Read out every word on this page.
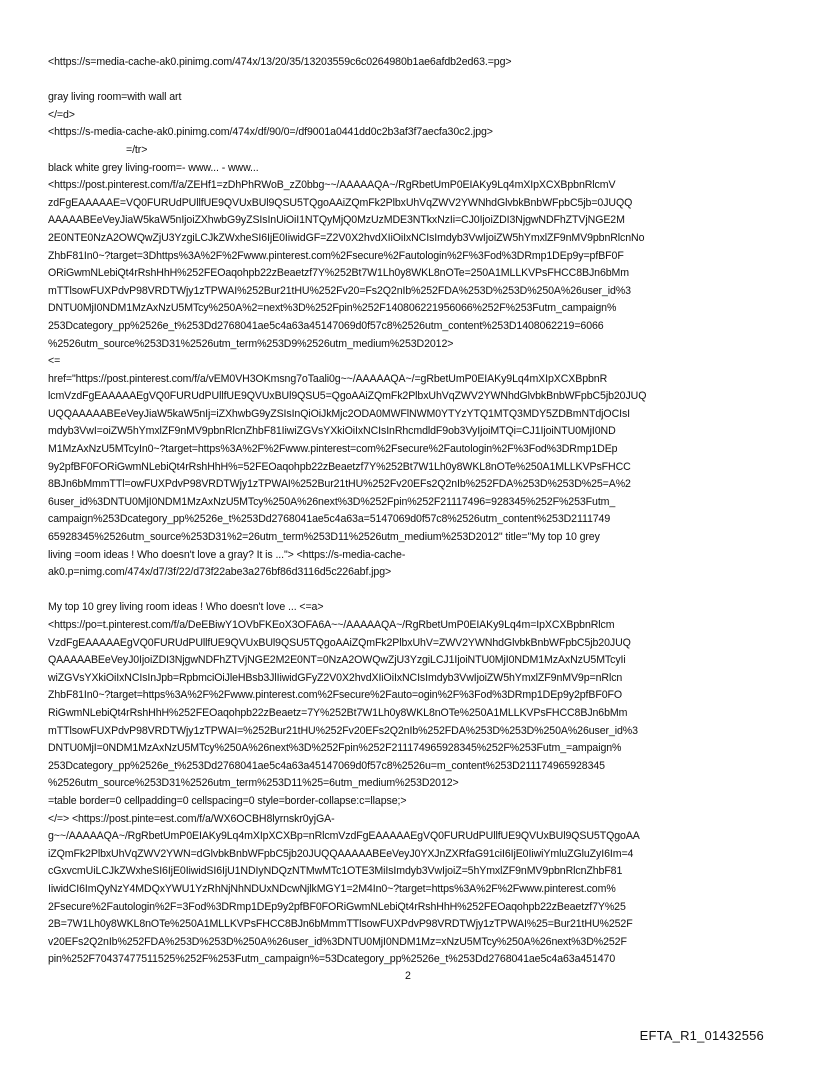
<https://s=media-cache-ak0.pinimg.com/474x/13/20/35/13203559c6c0264980b1ae6afdb2ed63.=pg>
gray living room=with wall art
</=d>
<https://s-media-cache-ak0.pinimg.com/474x/df/90/0=/df9001a0441dd0c2b3af3f7aecfa30c2.jpg>
=/tr>
black white grey living-room=- www... - www...
<https://post.pinterest.com/f/a/ZEHf1=zDhPhRWoB_zZ0bbg~~/AAAAAQA~/RgRbetUmP0EIAKy9Lq4mXIpXCXBpbnRlcmV
zdFgEAAAAAE=VQ0FURUdPUllfUE9QVUxBUl9QSU5TQgoAAiZQmFk2PlbxUhVqZWV2YWNhdGlvbkBnbWFpbC5jb=0JUQQ
AAAAABEeVeyJiaW5kaW5nIjoiZXhwbG9yZSIsInUiOiI1NTQyMjQ0MzUzMDE3NTkxNzIi=CJ0IjoiZDI3NjgwNDFhZTVjNGE2M
2E0NTE0NzA2OWQwZjU3YzgiLCJkZWxheSI6IjE0IiwidGF=Z2V0X2hvdXIiOiIxNCIsImdyb3VwIjoiZW5hYmxlZF9nMV9pbnRlcnNo
ZhbF81In0~?target=3Dhttps%3A%2F%2Fwww.pinterest.com%2Fsecure%2Fautologin%2F%3Fod%3DRmp1DEp9y=pfBF0F
ORiGwmNLebiQt4rRshHhH%252FEOaqohpb22zBeaetzf7Y%252Bt7W1Lh0y8WKL8nOTe=250A1MLLKVPsFHCC8BJn6bMm
mTTlsowFUXPdvP98VRDTWjy1zTPWAI%252Bur21tHU%252Fv20=Fs2Q2nIb%252FDA%253D%253D%250A%26user_id%3
DNTU0MjI0NDM1MzAxNzU5MTcy%250A%2=next%3D%252Fpin%252F140806221956066%252F%253Futm_campaign%
253Dcategory_pp%2526e_t%253Dd2768041ae5c4a63a45147069d0f57c8%2526utm_content%253D1408062219=6066
%2526utm_source%253D31%2526utm_term%253D9%2526utm_medium%253D2012>
<=
href="https://post.pinterest.com/f/a/vEM0VH3OKmsng7oTaali0g~~/AAAAAQA~/=gRbetUmP0EIAKy9Lq4mXIpXCXBpbnR
lcmVzdFgEAAAAAEgVQ0FURUdPUllfUE9QVUxBUl9QSU5=QgoAAiZQmFk2PlbxUhVqZWV2YWNhdGlvbkBnbWFpbC5jb20JUQ
UQQAAAAABEeVeyJiaW5kaW5nIj=iZXhwbG9yZSIsInQiOiJkMjc2ODA0MWFlNWM0YTYzYTQ1MTQ3MDY5ZDBmNTdjOCIsI
mdyb3VwI=oiZW5hYmxlZF9nMV9pbnRlcnZhbF81IiwiZGVsYXkiOiIxNCIsInRhcmdldF9ob3VyIjoiMTQi=CJ1IjoiNTU0MjI0ND
M1MzAxNzU5MTcyIn0~?target=https%3A%2F%2Fwww.pinterest=com%2Fsecure%2Fautologin%2F%3Fod%3DRmp1DEp
9y2pfBF0FORiGwmNLebiQt4rRshHhH%=52FEOaqohpb22zBeaetzf7Y%252Bt7W1Lh0y8WKL8nOTe%250A1MLLKVPsFHCC
8BJn6bMmmTTl=owFUXPdvP98VRDTWjy1zTPWAI%252Bur21tHU%252Fv20EFs2Q2nIb%252FDA%253D%253D%25=A%2
6user_id%3DNTU0MjI0NDM1MzAxNzU5MTcy%250A%26next%3D%252Fpin%252F21117496=928345%252F%253Futm_
campaign%253Dcategory_pp%2526e_t%253Dd2768041ae5c4a63a=5147069d0f57c8%2526utm_content%253D2111749
65928345%2526utm_source%253D31%2=26utm_term%253D11%2526utm_medium%253D2012" title="My top 10 grey
living =oom ideas ! Who doesn't love a gray? It is ..."> <https://s-media-cache-
ak0.p=nimg.com/474x/d7/3f/22/d73f22abe3a276bf86d3116d5c226abf.jpg>
My top 10 grey living room ideas ! Who doesn't love ... <=a>
<https://po=t.pinterest.com/f/a/DeEBiwY1OVbFKEoX3OFA6A~~/AAAAAQA~/RgRbetUmP0EIAKy9Lq4m=IpXCXBpbnRlcm
VzdFgEAAAAAEgVQ0FURUdPUllfUE9QVUxBUl9QSU5TQgoAAiZQmFk2PlbxUhV=ZWV2YWNhdGlvbkBnbWFpbC5jb20JUQ
QAAAAABEeVeyJ0IjoiZDI3NjgwNDFhZTVjNGE2M2E0NT=0NzA2OWQwZjU3YzgiLCJ1IjoiNTU0MjI0NDM1MzAxNzU5MTcyIi
wiZGVsYXkiOiIxNCIsInJpb=RpbmciOiJleHBsb3JlIiwidGFyZ2V0X2hvdXIiOiIxNCIsImdyb3VwIjoiZW5hYmxlZF9nMV9p=nRlcn
ZhbF81In0~?target=https%3A%2F%2Fwww.pinterest.com%2Fsecure%2Fauto=ogin%2F%3Fod%3DRmp1DEp9y2pfBF0FO
RiGwmNLebiQt4rRshHhH%252FEOaqohpb22zBeaetz=7Y%252Bt7W1Lh0y8WKL8nOTe%250A1MLLKVPsFHCC8BJn6bMm
mTTlsowFUXPdvP98VRDTWjy1zTPWAI=%252Bur21tHU%252Fv20EFs2Q2nIb%252FDA%253D%253D%250A%26user_id%3
DNTU0MjI=0NDM1MzAxNzU5MTcy%250A%26next%3D%252Fpin%252F211174965928345%252F%253Futm_=ampaign%
253Dcategory_pp%2526e_t%253Dd2768041ae5c4a63a45147069d0f57c8%2526u=m_content%253D211174965928345
%2526utm_source%253D31%2526utm_term%253D11%25=6utm_medium%253D2012>
=table border=0 cellpadding=0 cellspacing=0 style=border-collapse:c=llapse;>
</=> <https://post.pinte=est.com/f/a/WX6OCBH8lyrnskr0yjGA-
g~~/AAAAAQA~/RgRbetUmP0EIAKy9Lq4mXIpXCXBp=nRlcmVzdFgEAAAAAEgVQ0FURUdPUllfUE9QVUxBUl9QSU5TQgoAA
iZQmFk2PlbxUhVqZWV2YWN=dGlvbkBnbWFpbC5jb20JUQQAAAAABEeVeyJ0YXJnZXRfaG91ciI6IjE0IiwiYmluZGluZyI6Im=4
cGxvcmUiLCJkZWxheSI6IjE0IiwidSI6IjU1NDIyNDQzNTMwMTc1OTE3MiIsImdyb3VwIjoiZ=5hYmxlZF9nMV9pbnRlcnZhbF81
IiwidCI6ImQyNzY4MDQxYWU1YzRhNjNhNDUxNDcwNjlkMGY1=2M4In0~?target=https%3A%2F%2Fwww.pinterest.com%
2Fsecure%2Fautologin%2F=3Fod%3DRmp1DEp9y2pfBF0FORiGwmNLebiQt4rRshHhH%252FEOaqohpb22zBeaetzf7Y%25
2B=7W1Lh0y8WKL8nOTe%250A1MLLKVPsFHCC8BJn6bMmmTTlsowFUXPdvP98VRDTWjy1zTPWAI%25=Bur21tHU%252F
v20EFs2Q2nIb%252FDA%253D%253D%250A%26user_id%3DNTU0MjI0NDM1Mz=xNzU5MTcy%250A%26next%3D%252F
pin%252F70437477511525%252F%253Futm_campaign%=53Dcategory_pp%2526e_t%253Dd2768041ae5c4a63a451470
2
EFTA_R1_01432556
